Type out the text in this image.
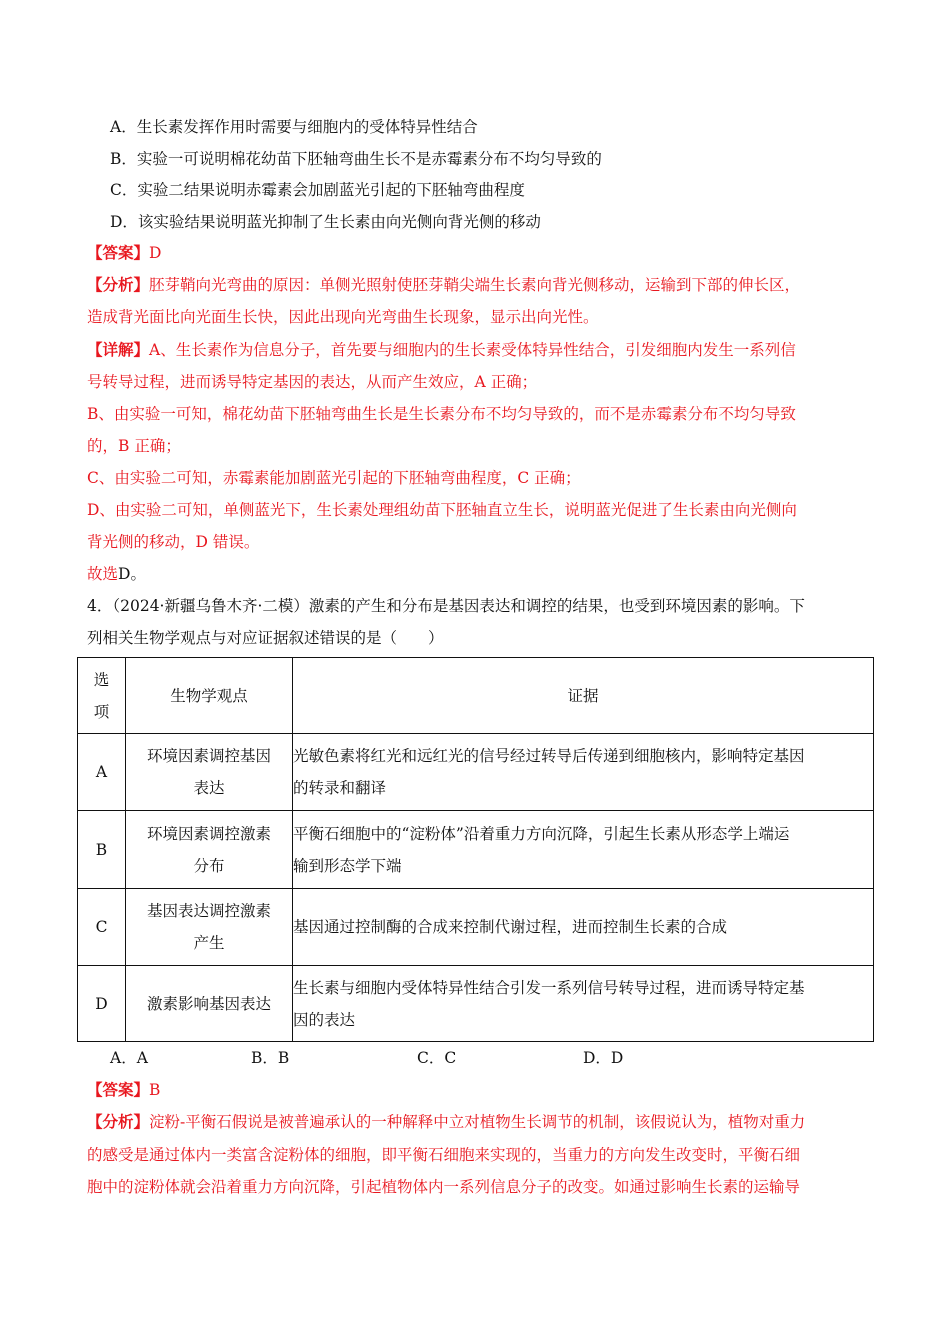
A．生长素发挥作用时需要与细胞内的受体特异性结合
B．实验一可说明棉花幼苗下胚轴弯曲生长不是赤霉素分布不均匀导致的
C．实验二结果说明赤霉素会加剧蓝光引起的下胚轴弯曲程度
D．该实验结果说明蓝光抑制了生长素由向光侧向背光侧的移动
【答案】D
【分析】胚芽鞘向光弯曲的原因：单侧光照射使胚芽鞘尖端生长素向背光侧移动，运输到下部的伸长区，
造成背光面比向光面生长快，因此出现向光弯曲生长现象，显示出向光性。
【详解】A、生长素作为信息分子，首先要与细胞内的生长素受体特异性结合，引发细胞内发生一系列信
号转导过程，进而诱导特定基因的表达，从而产生效应，A 正确；
B、由实验一可知，棉花幼苗下胚轴弯曲生长是生长素分布不均匀导致的，而不是赤霉素分布不均匀导致
的，B 正确；
C、由实验二可知，赤霉素能加剧蓝光引起的下胚轴弯曲程度，C 正确；
D、由实验二可知，单侧蓝光下，生长素处理组幼苗下胚轴直立生长，说明蓝光促进了生长素由向光侧向
背光侧的移动，D 错误。
故选D。
4．（2024·新疆乌鲁木齐·二模）激素的产生和分布是基因表达和调控的结果，也受到环境因素的影响。下
列相关生物学观点与对应证据叙述错误的是（　　）
选
项	生物学观点	证据
A	环境因素调控基因
表达	光敏色素将红光和远红光的信号经过转导后传递到细胞核内，影响特定基因
的转录和翻译
B	环境因素调控激素
分布	平衡石细胞中的“淀粉体”沿着重力方向沉降，引起生长素从形态学上端运
输到形态学下端
C	基因表达调控激素
产生	基因通过控制酶的合成来控制代谢过程，进而控制生长素的合成
D	激素影响基因表达	生长素与细胞内受体特异性结合引发一系列信号转导过程，进而诱导特定基
因的表达
A．A	B．B	C．C	D．D
【答案】B
【分析】淀粉-平衡石假说是被普遍承认的一种解释中立对植物生长调节的机制，该假说认为，植物对重力
的感受是通过体内一类富含淀粉体的细胞，即平衡石细胞来实现的，当重力的方向发生改变时，平衡石细
胞中的淀粉体就会沿着重力方向沉降，引起植物体内一系列信息分子的改变。如通过影响生长素的运输导
